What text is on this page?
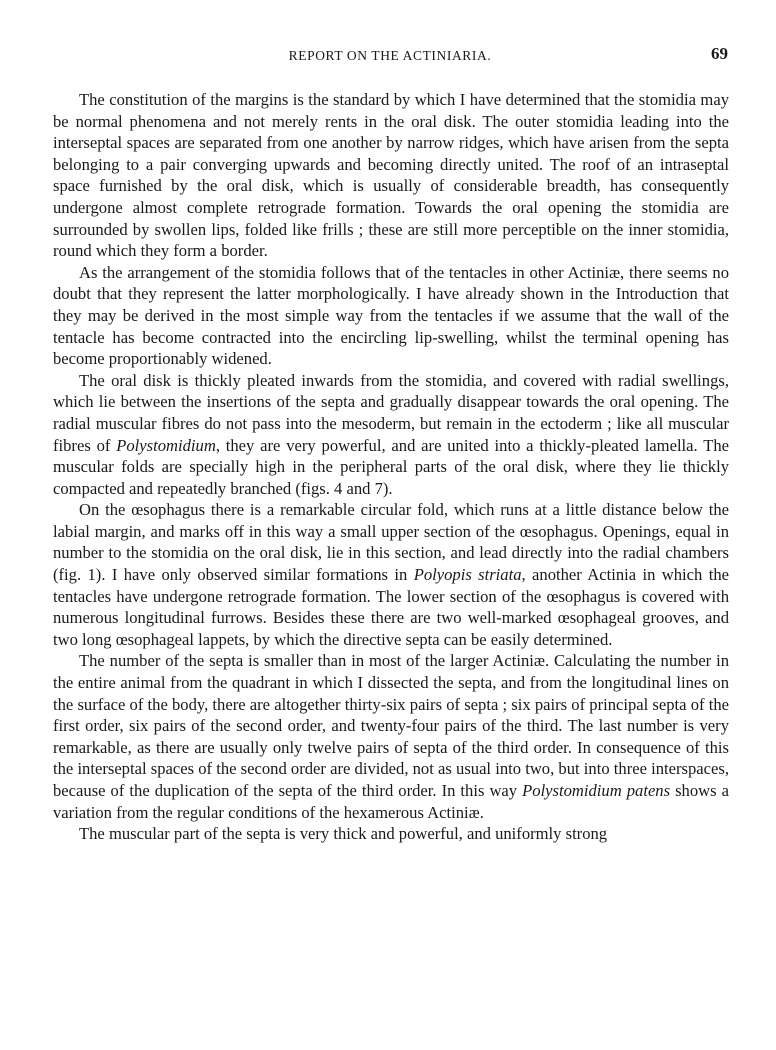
REPORT ON THE ACTINIARIA.	69

The constitution of the margins is the standard by which I have determined that the stomidia may be normal phenomena and not merely rents in the oral disk. The outer stomidia leading into the interseptal spaces are separated from one another by narrow ridges, which have arisen from the septa belonging to a pair converging upwards and becoming directly united. The roof of an intraseptal space furnished by the oral disk, which is usually of considerable breadth, has consequently undergone almost complete retrograde formation. Towards the oral opening the stomidia are surrounded by swollen lips, folded like frills ; these are still more perceptible on the inner stomidia, round which they form a border.

As the arrangement of the stomidia follows that of the tentacles in other Actiniæ, there seems no doubt that they represent the latter morphologically. I have already shown in the Introduction that they may be derived in the most simple way from the tentacles if we assume that the wall of the tentacle has become contracted into the encircling lip-swelling, whilst the terminal opening has become proportionably widened.

The oral disk is thickly pleated inwards from the stomidia, and covered with radial swellings, which lie between the insertions of the septa and gradually disappear towards the oral opening. The radial muscular fibres do not pass into the mesoderm, but remain in the ectoderm ; like all muscular fibres of Polystomidium, they are very powerful, and are united into a thickly-pleated lamella. The muscular folds are specially high in the peripheral parts of the oral disk, where they lie thickly compacted and repeatedly branched (figs. 4 and 7).

On the œsophagus there is a remarkable circular fold, which runs at a little distance below the labial margin, and marks off in this way a small upper section of the œsophagus. Openings, equal in number to the stomidia on the oral disk, lie in this section, and lead directly into the radial chambers (fig. 1). I have only observed similar formations in Polyopis striata, another Actinia in which the tentacles have undergone retrograde formation. The lower section of the œsophagus is covered with numerous longitudinal furrows. Besides these there are two well-marked œsophageal grooves, and two long œsophageal lappets, by which the directive septa can be easily determined.

The number of the septa is smaller than in most of the larger Actiniæ. Calculating the number in the entire animal from the quadrant in which I dissected the septa, and from the longitudinal lines on the surface of the body, there are altogether thirty-six pairs of septa ; six pairs of principal septa of the first order, six pairs of the second order, and twenty-four pairs of the third. The last number is very remarkable, as there are usually only twelve pairs of septa of the third order. In consequence of this the interseptal spaces of the second order are divided, not as usual into two, but into three interspaces, because of the duplication of the septa of the third order. In this way Polystomidium patens shows a variation from the regular conditions of the hexamerous Actiniæ.

The muscular part of the septa is very thick and powerful, and uniformly strong
